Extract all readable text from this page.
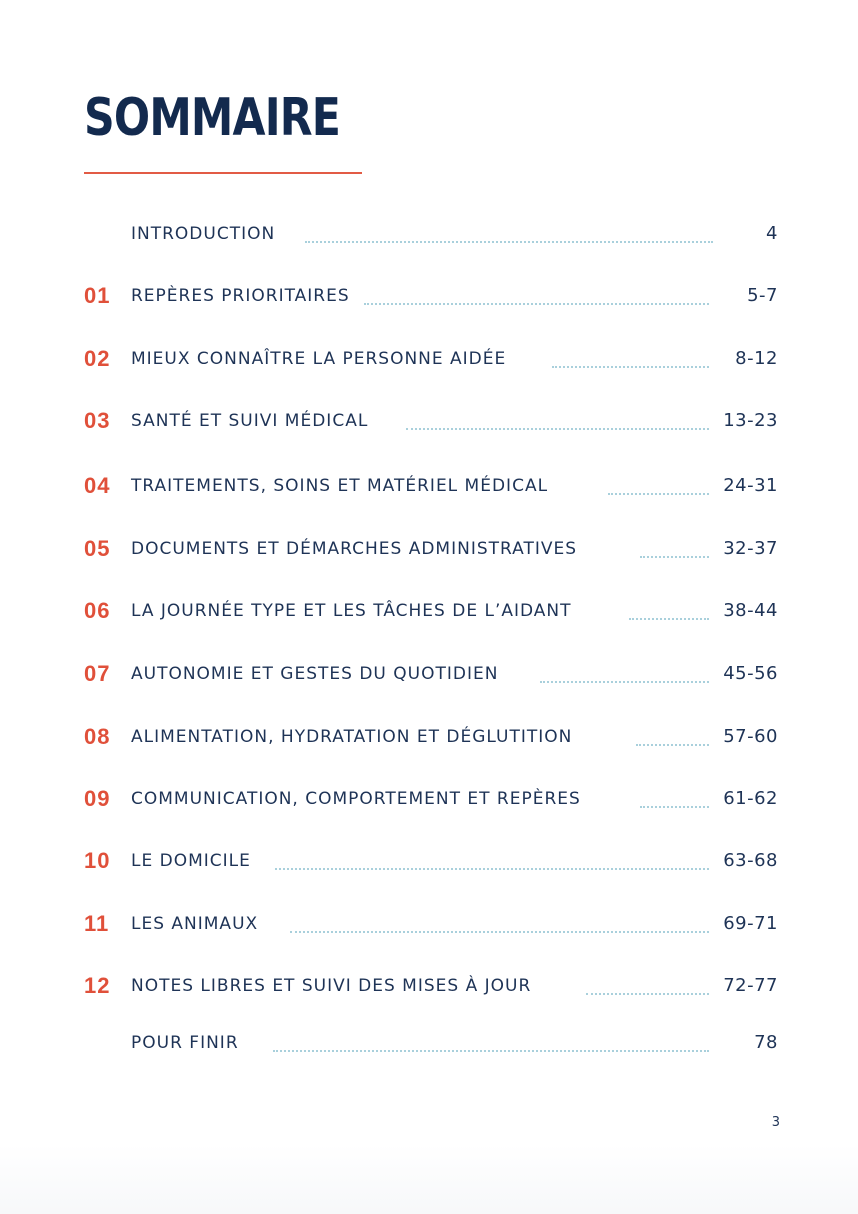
SOMMAIRE
INTRODUCTION	4
01	REPÈRES PRIORITAIRES	5-7
02	MIEUX CONNAÎTRE LA PERSONNE AIDÉE	8-12
03	SANTÉ ET SUIVI MÉDICAL	13-23
04	TRAITEMENTS, SOINS ET MATÉRIEL MÉDICAL	24-31
05	DOCUMENTS ET DÉMARCHES ADMINISTRATIVES	32-37
06	LA JOURNÉE TYPE ET LES TÂCHES DE L’AIDANT	38-44
07	AUTONOMIE ET GESTES DU QUOTIDIEN	45-56
08	ALIMENTATION, HYDRATATION ET DÉGLUTITION	57-60
09	COMMUNICATION, COMPORTEMENT ET REPÈRES	61-62
10	LE DOMICILE	63-68
11	LES ANIMAUX	69-71
12	NOTES LIBRES ET SUIVI DES MISES À JOUR	72-77
POUR FINIR	78
3
